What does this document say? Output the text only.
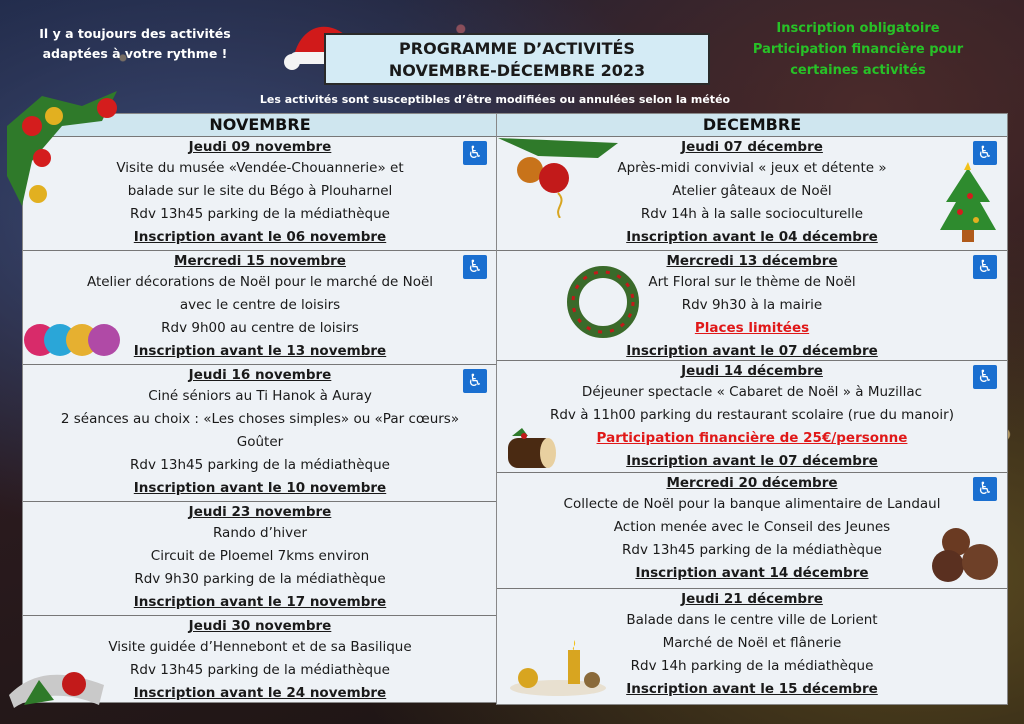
Il y a toujours des activités
adaptées à votre rythme !	PROGRAMME D’ACTIVITÉS
NOVEMBRE-DÉCEMBRE 2023
Inscription obligatoire
Participation financière pour
certaines activités
Les activités sont susceptibles d’être modifiées ou annulées selon la météo
NOVEMBRE
Jeudi 09 novembre
Visite du musée «Vendée-Chouannerie» et
balade sur le site du Bégo à Plouharnel
Rdv 13h45 parking de la médiathèque
Inscription avant le 06 novembre
♿
Mercredi 15 novembre
Atelier décorations de Noël pour le marché de Noël
avec le centre de loisirs
Rdv 9h00 au centre de loisirs
Inscription avant le 13 novembre
♿
Jeudi 16 novembre
Ciné séniors au Ti Hanok à Auray
2 séances au choix : «Les choses simples» ou «Par cœurs»
Goûter
Rdv 13h45 parking de la médiathèque
Inscription avant le 10 novembre
♿
Jeudi 23 novembre
Rando d’hiver
Circuit de Ploemel 7kms environ
Rdv 9h30 parking de la médiathèque
Inscription avant le 17 novembre
Jeudi 30 novembre
Visite guidée d’Hennebont et de sa Basilique
Rdv 13h45 parking de la médiathèque
Inscription avant le 24 novembre
DECEMBRE
Jeudi 07 décembre
Après-midi convivial « jeux et détente »
Atelier gâteaux de Noël
Rdv 14h à la salle socioculturelle
Inscription avant le 04 décembre
♿
Mercredi 13 décembre
Art Floral sur le thème de Noël
Rdv 9h30 à la mairie
Places limitées
Inscription avant le 07 décembre
♿
Jeudi 14 décembre
Déjeuner spectacle « Cabaret de Noël » à Muzillac
Rdv à 11h00 parking du restaurant scolaire (rue du manoir)
Participation financière de 25€/personne
Inscription avant le 07 décembre
♿
Mercredi 20 décembre
Collecte de Noël pour la banque alimentaire de Landaul
Action menée avec le Conseil des Jeunes
Rdv 13h45 parking de la médiathèque
Inscription avant 14 décembre
♿
Jeudi 21 décembre
Balade dans le centre ville de Lorient
Marché de Noël et flânerie
Rdv 14h parking de la médiathèque
Inscription avant le 15 décembre
